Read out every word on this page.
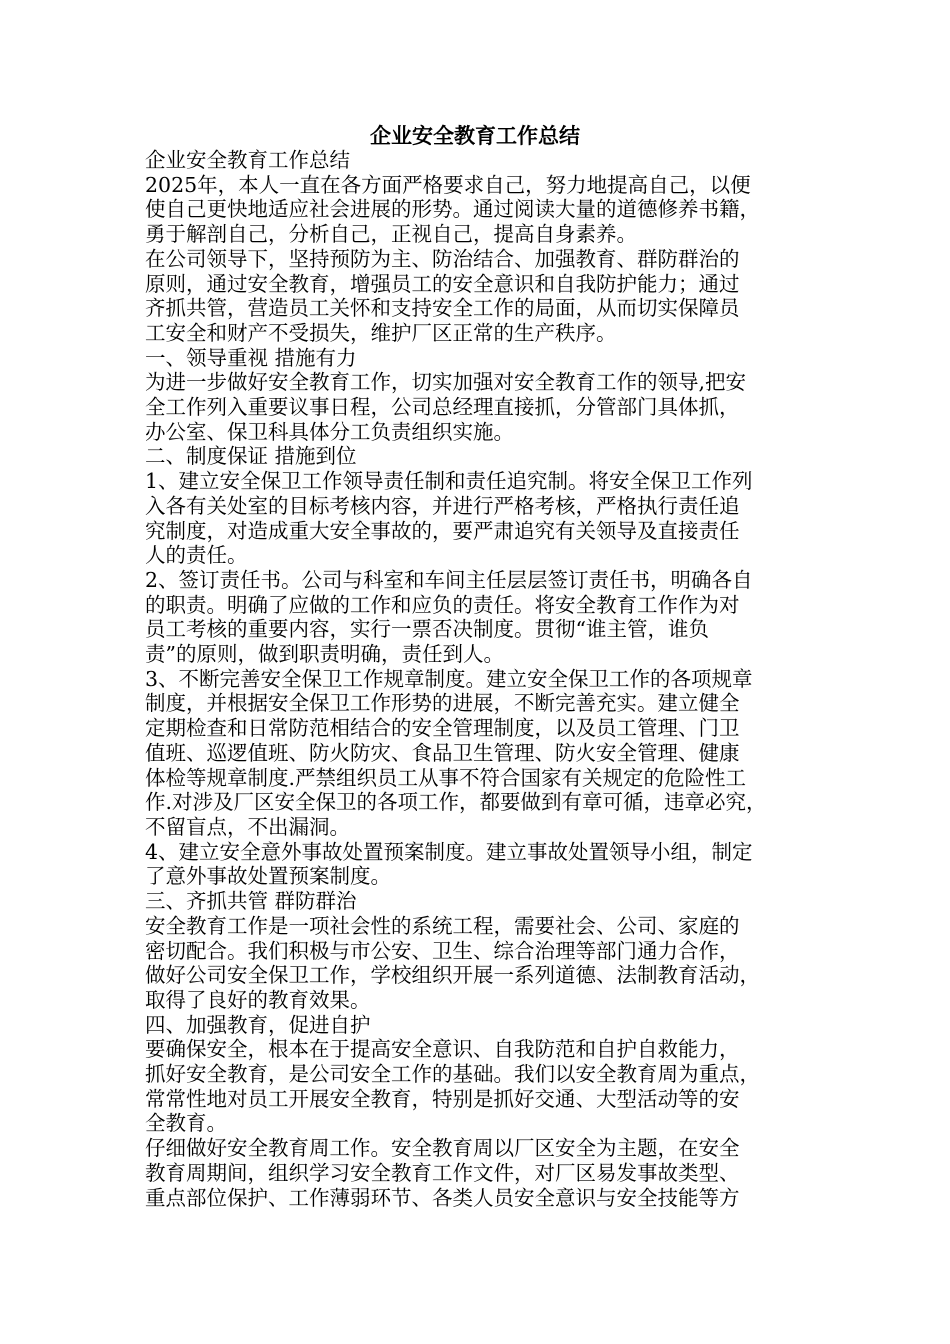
企业安全教育工作总结

企业安全教育工作总结

2025年，本人一直在各方面严格要求自己，努力地提高自己，以便

使自己更快地适应社会进展的形势。通过阅读大量的道德修养书籍，

勇于解剖自己，分析自己，正视自己，提高自身素养。

在公司领导下，坚持预防为主、防治结合、加强教育、群防群治的

原则，通过安全教育，增强员工的安全意识和自我防护能力；通过

齐抓共管，营造员工关怀和支持安全工作的局面，从而切实保障员

工安全和财产不受损失，维护厂区正常的生产秩序。

一、领导重视 措施有力

为进一步做好安全教育工作，切实加强对安全教育工作的领导,把安

全工作列入重要议事日程，公司总经理直接抓，分管部门具体抓，

办公室、保卫科具体分工负责组织实施。

二、制度保证 措施到位

1、建立安全保卫工作领导责任制和责任追究制。将安全保卫工作列

入各有关处室的目标考核内容，并进行严格考核，严格执行责任追

究制度，对造成重大安全事故的，要严肃追究有关领导及直接责任

人的责任。

2、签订责任书。公司与科室和车间主任层层签订责任书，明确各自

的职责。明确了应做的工作和应负的责任。将安全教育工作作为对

员工考核的重要内容，实行一票否决制度。贯彻“谁主管，谁负

责”的原则，做到职责明确，责任到人。

3、不断完善安全保卫工作规章制度。建立安全保卫工作的各项规章

制度，并根据安全保卫工作形势的进展，不断完善充实。建立健全

定期检查和日常防范相结合的安全管理制度，以及员工管理、门卫

值班、巡逻值班、防火防灾、食品卫生管理、防火安全管理、健康

体检等规章制度.严禁组织员工从事不符合国家有关规定的危险性工

作.对涉及厂区安全保卫的各项工作，都要做到有章可循，违章必究，

不留盲点，不出漏洞。

4、建立安全意外事故处置预案制度。建立事故处置领导小组，制定

了意外事故处置预案制度。

三、齐抓共管 群防群治

安全教育工作是一项社会性的系统工程，需要社会、公司、家庭的

密切配合。我们积极与市公安、卫生、综合治理等部门通力合作，

做好公司安全保卫工作，学校组织开展一系列道德、法制教育活动，

取得了良好的教育效果。

四、加强教育，促进自护

要确保安全，根本在于提高安全意识、自我防范和自护自救能力，

抓好安全教育，是公司安全工作的基础。我们以安全教育周为重点，

常常性地对员工开展安全教育，特别是抓好交通、大型活动等的安

全教育。

仔细做好安全教育周工作。安全教育周以厂区安全为主题，在安全

教育周期间，组织学习安全教育工作文件，对厂区易发事故类型、

重点部位保护、工作薄弱环节、各类人员安全意识与安全技能等方
